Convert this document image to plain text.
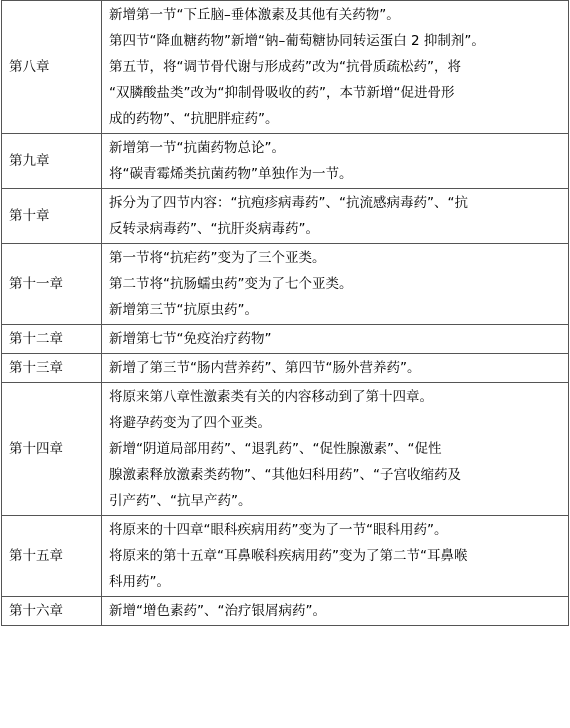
第八章	新增第一节“下丘脑–垂体激素及其他有关药物”。
第四节“降血糖药物”新增“钠–葡萄糖协同转运蛋白 2 抑制剂”。
第五节，将“调节骨代谢与形成药”改为“抗骨质疏松药”，将
“双膦酸盐类”改为“抑制骨吸收的药”，本节新增“促进骨形
成的药物”、“抗肥胖症药”。

第九章	新增第一节“抗菌药物总论”。
将“碳青霉烯类抗菌药物”单独作为一节。

第十章	拆分为了四节内容：“抗疱疹病毒药”、“抗流感病毒药”、“抗
反转录病毒药”、“抗肝炎病毒药”。

第十一章	第一节将“抗疟药”变为了三个亚类。
第二节将“抗肠蠕虫药”变为了七个亚类。
新增第三节“抗原虫药”。

第十二章	新增第七节“免疫治疗药物”

第十三章	新增了第三节“肠内营养药”、第四节“肠外营养药”。

第十四章	将原来第八章性激素类有关的内容移动到了第十四章。
将避孕药变为了四个亚类。
新增“阴道局部用药”、“退乳药”、“促性腺激素”、“促性
腺激素释放激素类药物”、“其他妇科用药”、“子宫收缩药及
引产药”、“抗早产药”。

第十五章	将原来的十四章“眼科疾病用药”变为了一节“眼科用药”。
将原来的第十五章“耳鼻喉科疾病用药”变为了第二节“耳鼻喉
科用药”。

第十六章	新增“增色素药”、“治疗银屑病药”。
